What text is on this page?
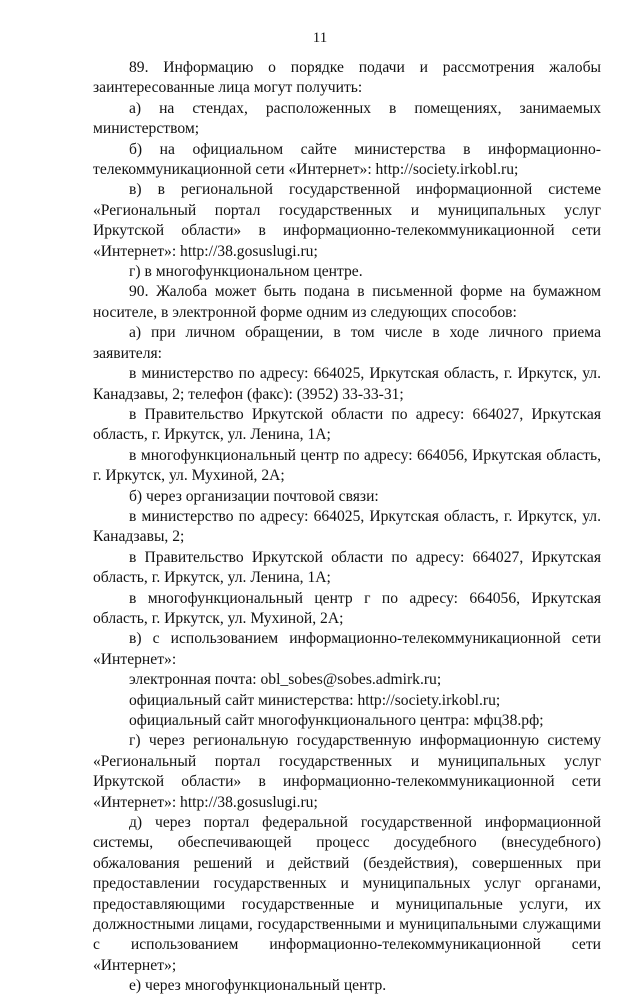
11

89. Информацию о порядке подачи и рассмотрения жалобы заинтересованные лица могут получить:

а) на стендах, расположенных в помещениях, занимаемых министерством;

б) на официальном сайте министерства в информационно-телекоммуникационной сети «Интернет»: http://society.irkobl.ru;

в) в региональной государственной информационной системе «Региональный портал государственных и муниципальных услуг Иркутской области» в информационно-телекоммуникационной сети «Интернет»: http://38.gosuslugi.ru;

г) в многофункциональном центре.

90. Жалоба может быть подана в письменной форме на бумажном носителе, в электронной форме одним из следующих способов:

а) при личном обращении, в том числе в ходе личного приема заявителя:

в министерство по адресу: 664025, Иркутская область, г. Иркутск, ул. Канадзавы, 2; телефон (факс): (3952) 33-33-31;

в Правительство Иркутской области по адресу: 664027, Иркутская область, г. Иркутск, ул. Ленина, 1А;

в многофункциональный центр по адресу: 664056, Иркутская область, г. Иркутск, ул. Мухиной, 2А;

б) через организации почтовой связи:

в министерство по адресу: 664025, Иркутская область, г. Иркутск, ул. Канадзавы, 2;

в Правительство Иркутской области по адресу: 664027, Иркутская область, г. Иркутск, ул. Ленина, 1А;

в многофункциональный центр г по адресу: 664056, Иркутская область, г. Иркутск, ул. Мухиной, 2А;

в) с использованием информационно-телекоммуникационной сети «Интернет»:

электронная почта: obl_sobes@sobes.admirk.ru;

официальный сайт министерства: http://society.irkobl.ru;

официальный сайт многофункционального центра: мфц38.рф;

г) через региональную государственную информационную систему «Региональный портал государственных и муниципальных услуг Иркутской области» в информационно-телекоммуникационной сети «Интернет»: http://38.gosuslugi.ru;

д) через портал федеральной государственной информационной системы, обеспечивающей процесс досудебного (внесудебного) обжалования решений и действий (бездействия), совершенных при предоставлении государственных и муниципальных услуг органами, предоставляющими государственные и муниципальные услуги, их должностными лицами, государственными и муниципальными служащими с использованием информационно-телекоммуникационной сети «Интернет»;

е) через многофункциональный центр.
